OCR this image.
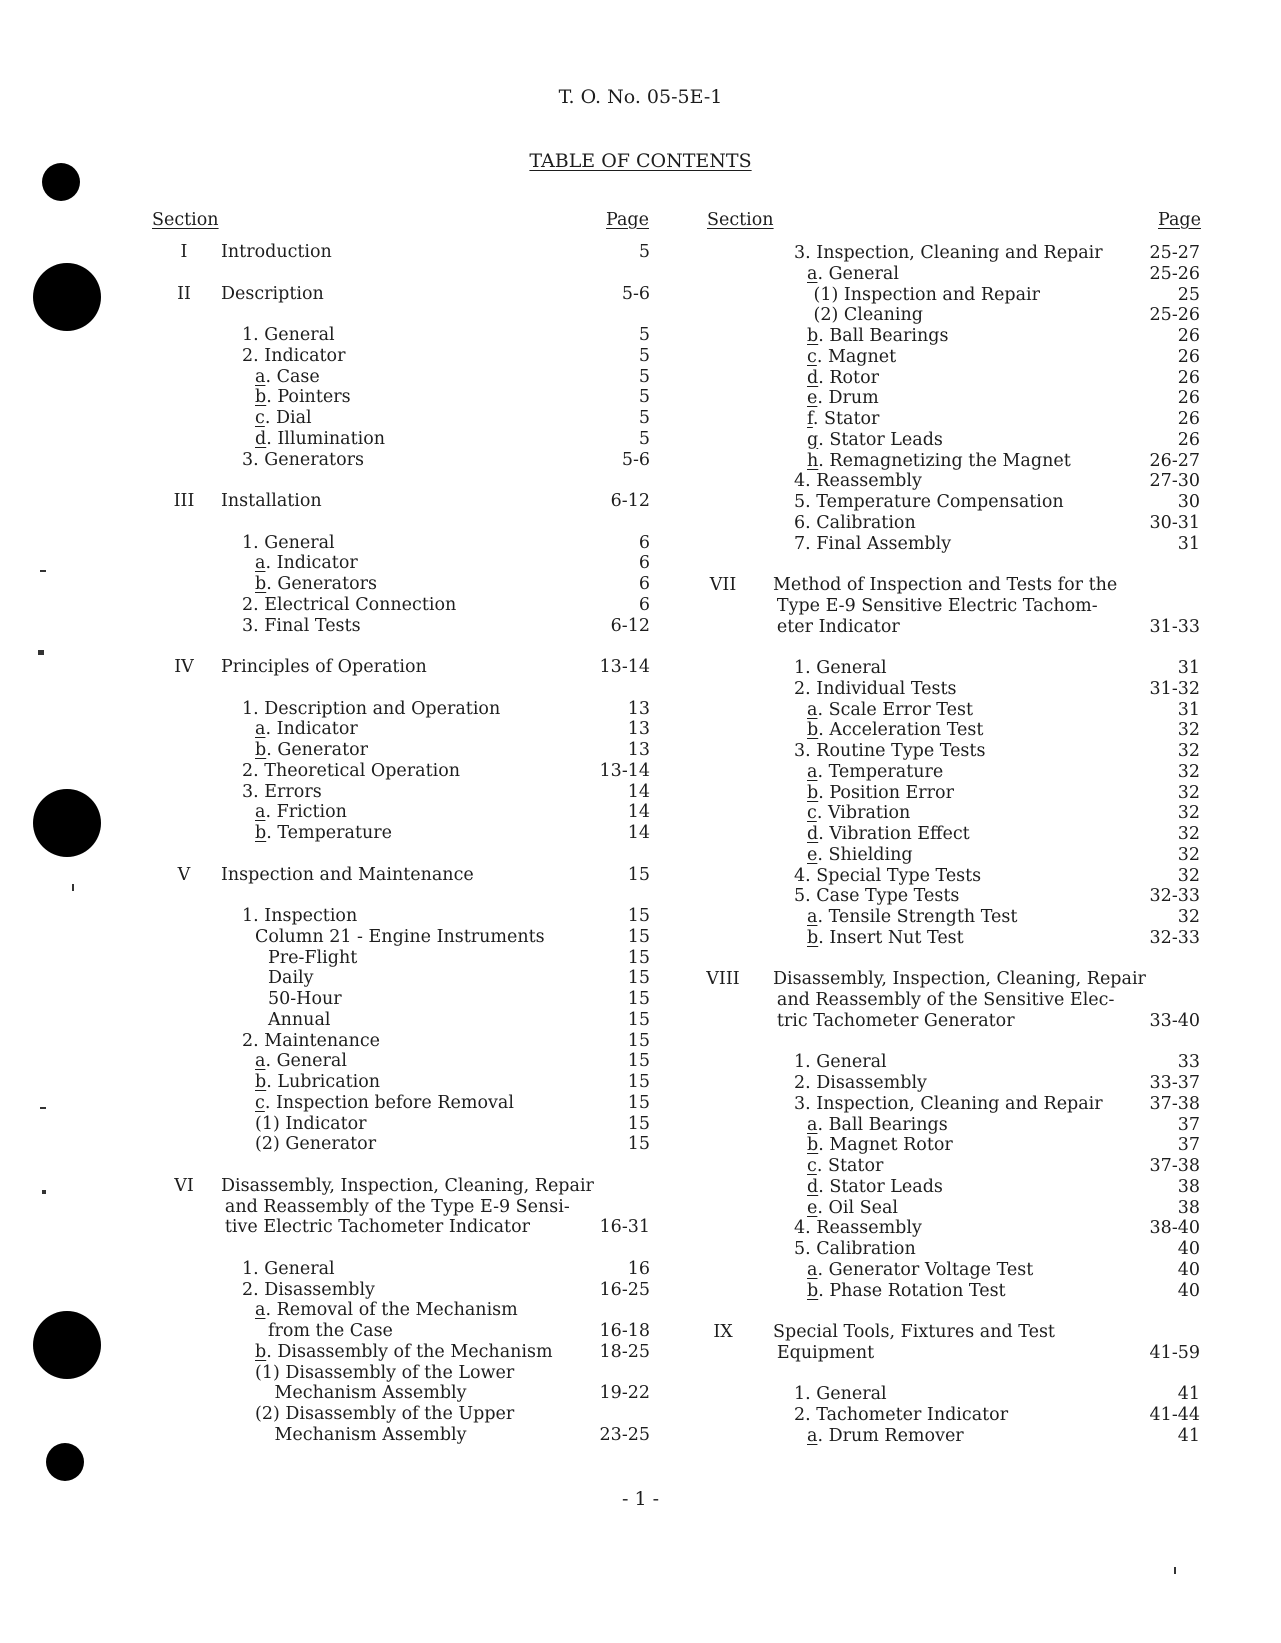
T. O. No. 05-5E-1
TABLE OF CONTENTS
Section	Page	Section	Page
I	Introduction	5
II	Description	5-6
1. General	5
2. Indicator	5
a. Case	5
b. Pointers	5
c. Dial	5
d. Illumination	5
3. Generators	5-6
III	Installation	6-12
1. General	6
a. Indicator	6
b. Generators	6
2. Electrical Connection	6
3. Final Tests	6-12
IV	Principles of Operation	13-14
1. Description and Operation	13
a. Indicator	13
b. Generator	13
2. Theoretical Operation	13-14
3. Errors	14
a. Friction	14
b. Temperature	14
V	Inspection and Maintenance	15
1. Inspection	15
Column 21 - Engine Instruments	15
Pre-Flight	15
Daily	15
50-Hour	15
Annual	15
2. Maintenance	15
a. General	15
b. Lubrication	15
c. Inspection before Removal	15
(1) Indicator	15
(2) Generator	15
VI	Disassembly, Inspection, Cleaning, Repair
and Reassembly of the Type E-9 Sensi-
tive Electric Tachometer Indicator	16-31
1. General	16
2. Disassembly	16-25
a. Removal of the Mechanism
from the Case	16-18
b. Disassembly of the Mechanism	18-25
(1) Disassembly of the Lower
Mechanism Assembly	19-22
(2) Disassembly of the Upper
Mechanism Assembly	23-25
3. Inspection, Cleaning and Repair	25-27
a. General	25-26
(1) Inspection and Repair	25
(2) Cleaning	25-26
b. Ball Bearings	26
c. Magnet	26
d. Rotor	26
e. Drum	26
f. Stator	26
g. Stator Leads	26
h. Remagnetizing the Magnet	26-27
4. Reassembly	27-30
5. Temperature Compensation	30
6. Calibration	30-31
7. Final Assembly	31
VII	Method of Inspection and Tests for the
Type E-9 Sensitive Electric Tachom-
eter Indicator	31-33
1. General	31
2. Individual Tests	31-32
a. Scale Error Test	31
b. Acceleration Test	32
3. Routine Type Tests	32
a. Temperature	32
b. Position Error	32
c. Vibration	32
d. Vibration Effect	32
e. Shielding	32
4. Special Type Tests	32
5. Case Type Tests	32-33
a. Tensile Strength Test	32
b. Insert Nut Test	32-33
VIII Disassembly, Inspection, Cleaning, Repair
and Reassembly of the Sensitive Elec-
tric Tachometer Generator	33-40
1. General	33
2. Disassembly	33-37
3. Inspection, Cleaning and Repair	37-38
a. Ball Bearings	37
b. Magnet Rotor	37
c. Stator	37-38
d. Stator Leads	38
e. Oil Seal	38
4. Reassembly	38-40
5. Calibration	40
a. Generator Voltage Test	40
b. Phase Rotation Test	40
IX	Special Tools, Fixtures and Test
Equipment	41-59
1. General	41
2. Tachometer Indicator	41-44
a. Drum Remover	41
- 1 -
